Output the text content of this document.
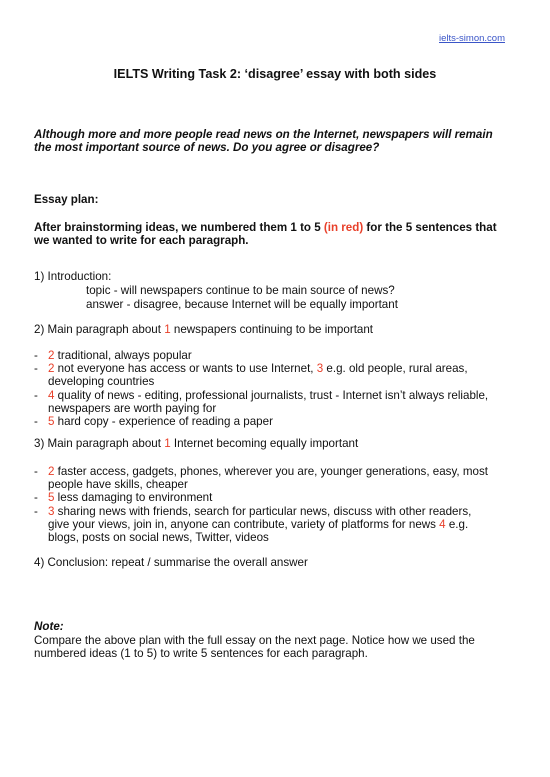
ielts-simon.com
IELTS Writing Task 2: ‘disagree’ essay with both sides
Although more and more people read news on the Internet, newspapers will remain the most important source of news. Do you agree or disagree?
Essay plan:
After brainstorming ideas, we numbered them 1 to 5 (in red) for the 5 sentences that we wanted to write for each paragraph.
1) Introduction:
topic - will newspapers continue to be main source of news?
answer - disagree, because Internet will be equally important
2) Main paragraph about 1 newspapers continuing to be important
- 2 traditional, always popular
- 2 not everyone has access or wants to use Internet, 3 e.g. old people, rural areas, developing countries
- 4 quality of news - editing, professional journalists, trust - Internet isn’t always reliable, newspapers are worth paying for
- 5 hard copy - experience of reading a paper
3) Main paragraph about 1 Internet becoming equally important
- 2 faster access, gadgets, phones, wherever you are, younger generations, easy, most people have skills, cheaper
- 5 less damaging to environment
- 3 sharing news with friends, search for particular news, discuss with other readers, give your views, join in, anyone can contribute, variety of platforms for news 4 e.g. blogs, posts on social news, Twitter, videos
4) Conclusion: repeat / summarise the overall answer
Note:
Compare the above plan with the full essay on the next page. Notice how we used the numbered ideas (1 to 5) to write 5 sentences for each paragraph.
